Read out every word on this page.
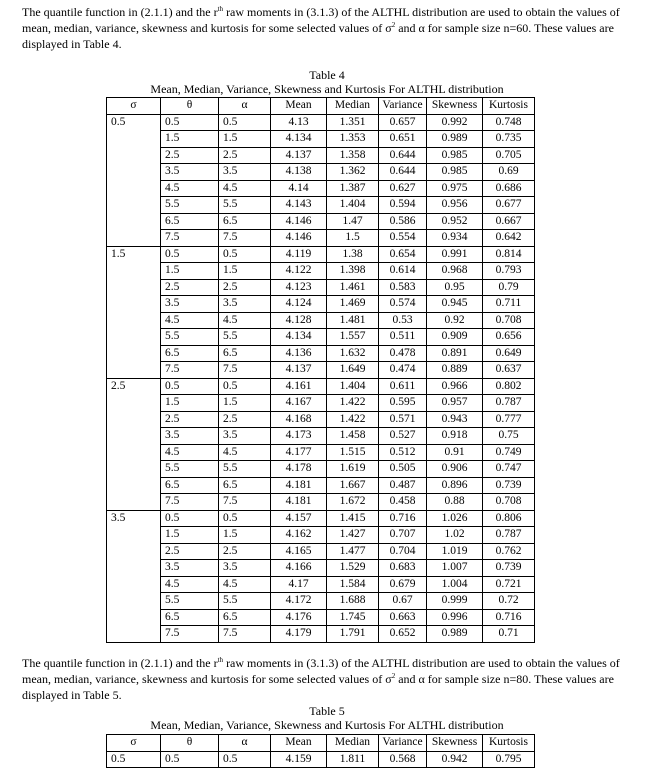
The quantile function in (2.1.1) and the $r^{th}$ raw moments in (3.1.3) of the ALTHL distribution are used to obtain the values of mean, median, variance, skewness and kurtosis for some selected values of $\sigma^2$ and α for sample size n=60. These values are displayed in Table 4.
Table 4
Mean, Median, Variance, Skewness and Kurtosis For ALTHL distribution
σ	θ	α	Mean	Median	Variance	Skewness	Kurtosis
0.5	0.5	0.5	4.13	1.351	0.657	0.992	0.748
	1.5	1.5	4.134	1.353	0.651	0.989	0.735
	2.5	2.5	4.137	1.358	0.644	0.985	0.705
	3.5	3.5	4.138	1.362	0.644	0.985	0.69
	4.5	4.5	4.14	1.387	0.627	0.975	0.686
	5.5	5.5	4.143	1.404	0.594	0.956	0.677
	6.5	6.5	4.146	1.47	0.586	0.952	0.667
	7.5	7.5	4.146	1.5	0.554	0.934	0.642
1.5	0.5	0.5	4.119	1.38	0.654	0.991	0.814
	1.5	1.5	4.122	1.398	0.614	0.968	0.793
	2.5	2.5	4.123	1.461	0.583	0.95	0.79
	3.5	3.5	4.124	1.469	0.574	0.945	0.711
	4.5	4.5	4.128	1.481	0.53	0.92	0.708
	5.5	5.5	4.134	1.557	0.511	0.909	0.656
	6.5	6.5	4.136	1.632	0.478	0.891	0.649
	7.5	7.5	4.137	1.649	0.474	0.889	0.637
2.5	0.5	0.5	4.161	1.404	0.611	0.966	0.802
	1.5	1.5	4.167	1.422	0.595	0.957	0.787
	2.5	2.5	4.168	1.422	0.571	0.943	0.777
	3.5	3.5	4.173	1.458	0.527	0.918	0.75
	4.5	4.5	4.177	1.515	0.512	0.91	0.749
	5.5	5.5	4.178	1.619	0.505	0.906	0.747
	6.5	6.5	4.181	1.667	0.487	0.896	0.739
	7.5	7.5	4.181	1.672	0.458	0.88	0.708
3.5	0.5	0.5	4.157	1.415	0.716	1.026	0.806
	1.5	1.5	4.162	1.427	0.707	1.02	0.787
	2.5	2.5	4.165	1.477	0.704	1.019	0.762
	3.5	3.5	4.166	1.529	0.683	1.007	0.739
	4.5	4.5	4.17	1.584	0.679	1.004	0.721
	5.5	5.5	4.172	1.688	0.67	0.999	0.72
	6.5	6.5	4.176	1.745	0.663	0.996	0.716
	7.5	7.5	4.179	1.791	0.652	0.989	0.71
The quantile function in (2.1.1) and the $r^{th}$ raw moments in (3.1.3) of the ALTHL distribution are used to obtain the values of mean, median, variance, skewness and kurtosis for some selected values of $\sigma^2$ and α for sample size n=80. These values are displayed in Table 5.
Table 5
Mean, Median, Variance, Skewness and Kurtosis For ALTHL distribution
σ	θ	α	Mean	Median	Variance	Skewness	Kurtosis
0.5	0.5	0.5	4.159	1.811	0.568	0.942	0.795
